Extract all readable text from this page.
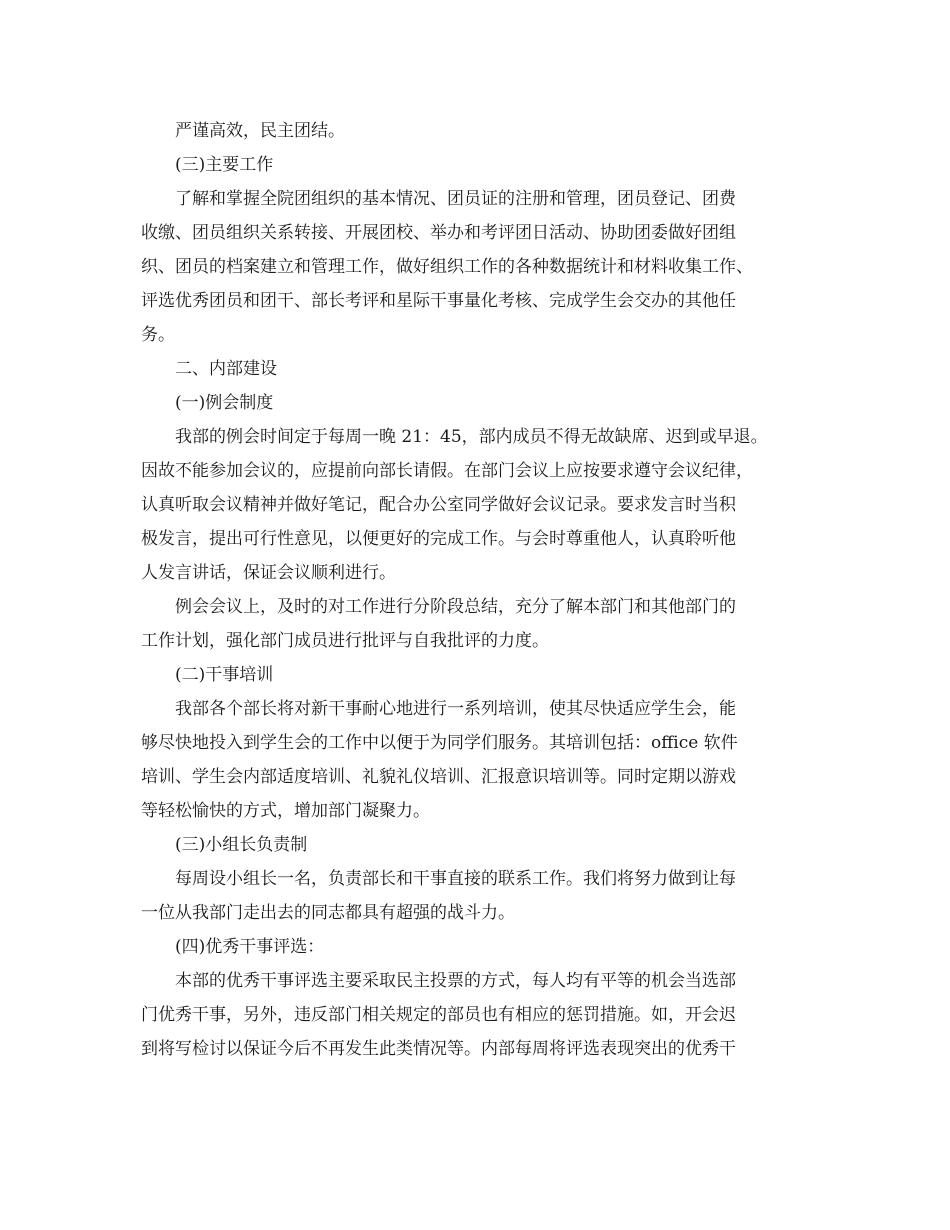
严谨高效，民主团结。

(三)主要工作

了解和掌握全院团组织的基本情况、团员证的注册和管理，团员登记、团费

收缴、团员组织关系转接、开展团校、举办和考评团日活动、协助团委做好团组

织、团员的档案建立和管理工作，做好组织工作的各种数据统计和材料收集工作、

评选优秀团员和团干、部长考评和星际干事量化考核、完成学生会交办的其他任

务。

二、内部建设

(一)例会制度

我部的例会时间定于每周一晚 21：45，部内成员不得无故缺席、迟到或早退。

因故不能参加会议的，应提前向部长请假。在部门会议上应按要求遵守会议纪律，

认真听取会议精神并做好笔记，配合办公室同学做好会议记录。要求发言时当积

极发言，提出可行性意见，以便更好的完成工作。与会时尊重他人，认真聆听他

人发言讲话，保证会议顺利进行。

例会会议上，及时的对工作进行分阶段总结，充分了解本部门和其他部门的

工作计划，强化部门成员进行批评与自我批评的力度。

(二)干事培训

我部各个部长将对新干事耐心地进行一系列培训，使其尽快适应学生会，能

够尽快地投入到学生会的工作中以便于为同学们服务。其培训包括：office 软件

培训、学生会内部适度培训、礼貌礼仪培训、汇报意识培训等。同时定期以游戏

等轻松愉快的方式，增加部门凝聚力。

(三)小组长负责制

每周设小组长一名，负责部长和干事直接的联系工作。我们将努力做到让每

一位从我部门走出去的同志都具有超强的战斗力。

(四)优秀干事评选：

本部的优秀干事评选主要采取民主投票的方式，每人均有平等的机会当选部

门优秀干事，另外，违反部门相关规定的部员也有相应的惩罚措施。如，开会迟

到将写检讨以保证今后不再发生此类情况等。内部每周将评选表现突出的优秀干
